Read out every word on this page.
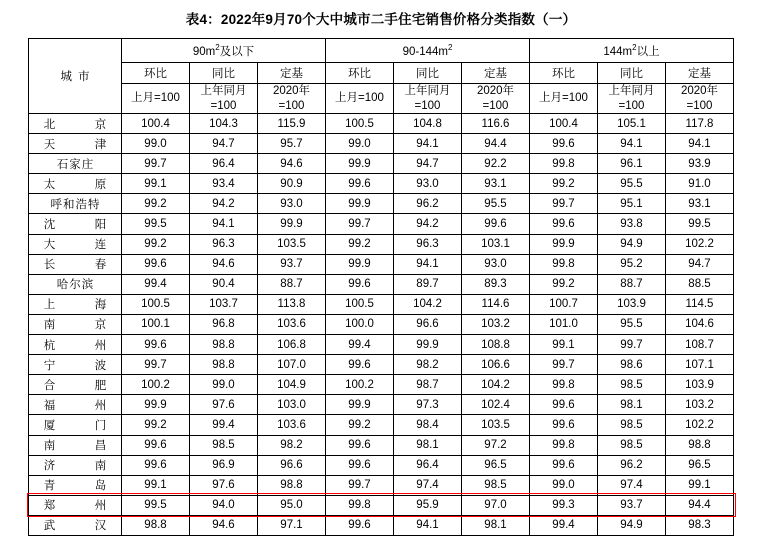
表4：2022年9月70个大中城市二手住宅销售价格分类指数（一）
城市	$90m^2$及以下			$90-144m^2$			$144m^2$以上		
	环比	同比	定基	环比	同比	定基	环比	同比	定基

	上月=100	上年同月
=100	2020年
=100	上月=100	上年同月
=100	2020年
=100	上月=100	上年同月
=100	2020年
=100

北　京	100.4	104.3	115.9	100.5	104.8	116.6	100.4	105.1	117.8
天　津	99.0	94.7	95.7	99.0	94.1	94.4	99.6	94.1	94.1
石家庄	99.7	96.4	94.6	99.9	94.7	92.2	99.8	96.1	93.9
太　原	99.1	93.4	90.9	99.6	93.0	93.1	99.2	95.5	91.0
呼和浩特	99.2	94.2	93.0	99.9	96.2	95.5	99.7	95.1	93.1
沈　阳	99.5	94.1	99.9	99.7	94.2	99.6	99.6	93.8	99.5
大　连	99.2	96.3	103.5	99.2	96.3	103.1	99.9	94.9	102.2
长　春	99.6	94.6	93.7	99.9	94.1	93.0	99.8	95.2	94.7
哈尔滨	99.4	90.4	88.7	99.6	89.7	89.3	99.2	88.7	88.5
上　海	100.5	103.7	113.8	100.5	104.2	114.6	100.7	103.9	114.5
南　京	100.1	96.8	103.6	100.0	96.6	103.2	101.0	95.5	104.6
杭　州	99.6	98.8	106.8	99.4	99.9	108.8	99.1	99.7	108.7
宁　波	99.7	98.8	107.0	99.6	98.2	106.6	99.7	98.6	107.1
合　肥	100.2	99.0	104.9	100.2	98.7	104.2	99.8	98.5	103.9
福　州	99.9	97.6	103.0	99.9	97.3	102.4	99.6	98.1	103.2
厦　门	99.2	99.4	103.6	99.2	98.4	103.5	99.6	98.5	102.2
南　昌	99.6	98.5	98.2	99.6	98.1	97.2	99.8	98.5	98.8
济　南	99.6	96.9	96.6	99.6	96.4	96.5	99.6	96.2	96.5
青　岛	99.1	97.6	98.8	99.7	97.4	98.5	99.0	97.4	99.1
郑　州	99.5	94.0	95.0	99.8	95.9	97.0	99.3	93.7	94.4
武　汉	98.8	94.6	97.1	99.6	94.1	98.1	99.4	94.9	98.3
